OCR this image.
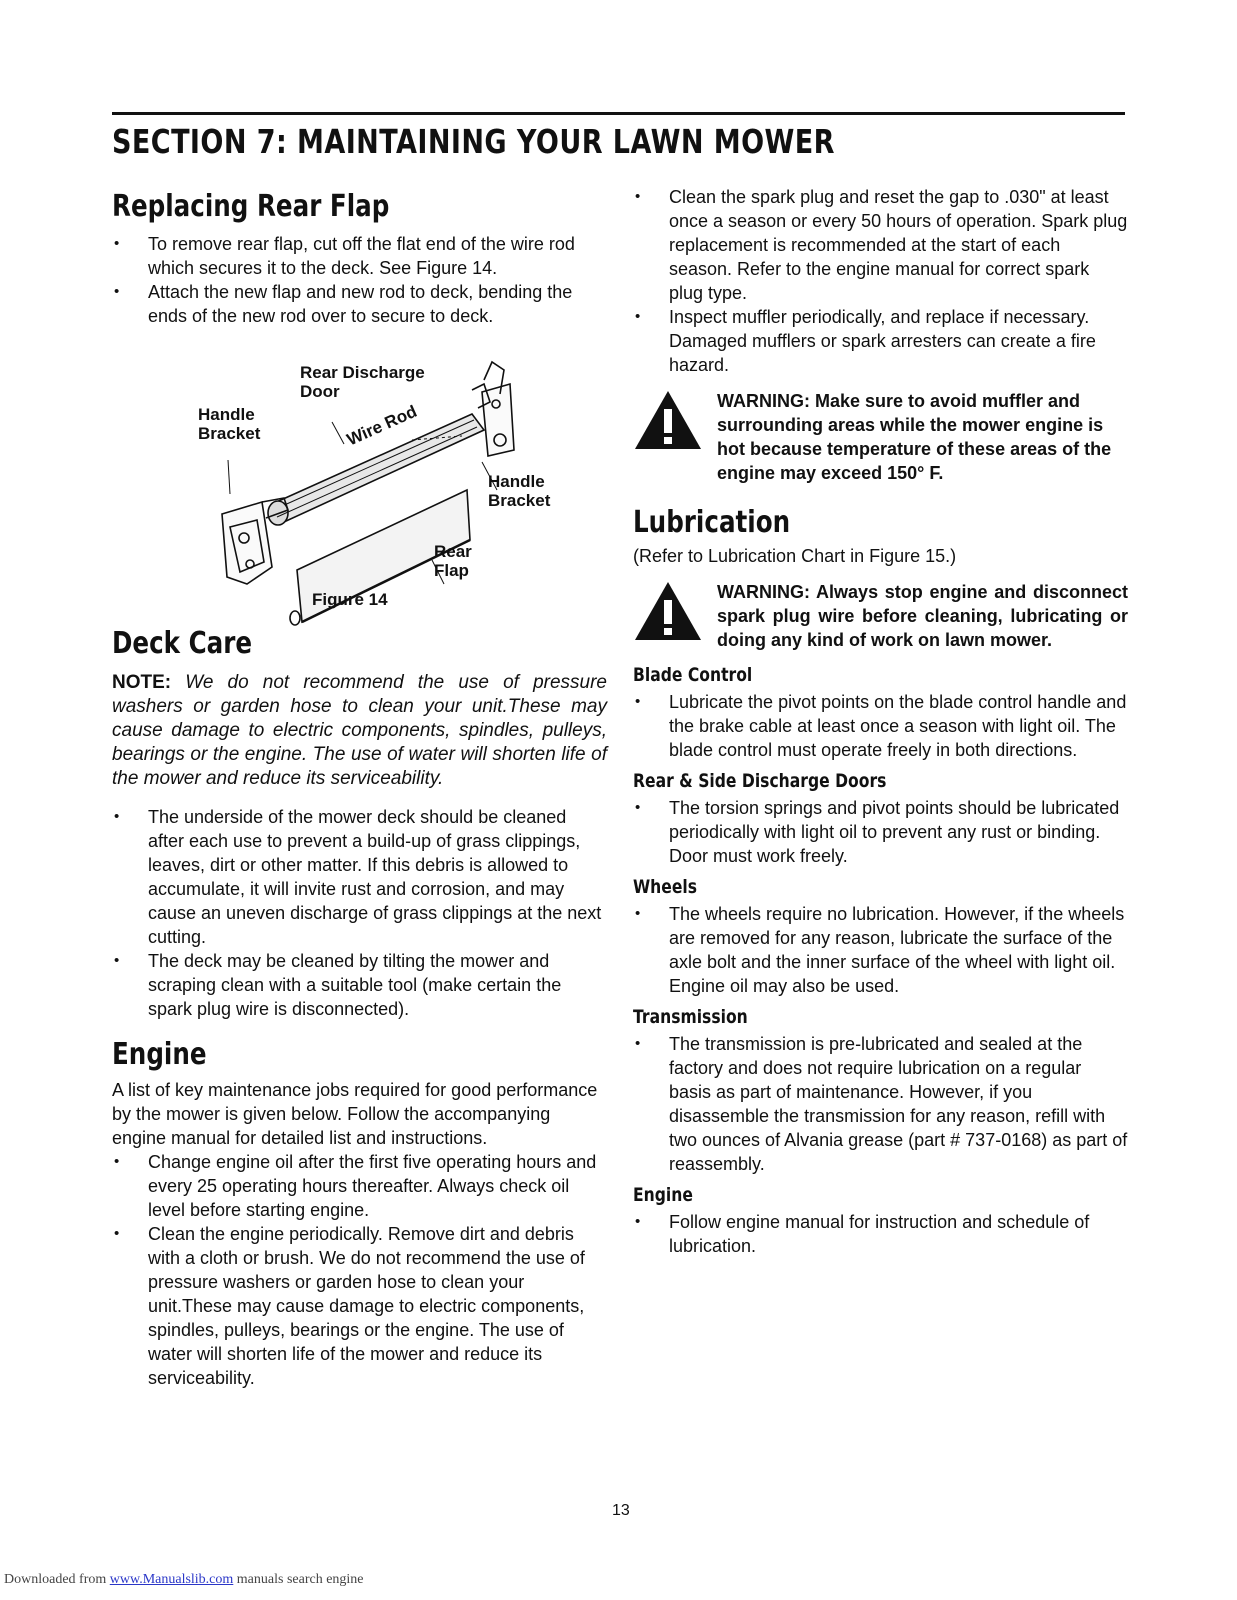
SECTION 7: MAINTAINING YOUR LAWN MOWER
Replacing Rear Flap
• To remove rear flap, cut off the flat end of the wire rod which secures it to the deck. See Figure 14.
• Attach the new flap and new rod to deck, bending the ends of the new rod over to secure to deck.
Rear Discharge Door
Handle Bracket	Wire Rod
Handle Bracket
Rear Flap
Figure 14
Deck Care

NOTE: We do not recommend the use of pressure washers or garden hose to clean your unit.These may cause damage to electric components, spindles, pulleys, bearings or the engine. The use of water will shorten life of the mower and reduce its serviceability.

• The underside of the mower deck should be cleaned after each use to prevent a build-up of grass clippings, leaves, dirt or other matter. If this debris is allowed to accumulate, it will invite rust and corrosion, and may cause an uneven discharge of grass clippings at the next cutting.
• The deck may be cleaned by tilting the mower and scraping clean with a suitable tool (make certain the spark plug wire is disconnected).
Engine

A list of key maintenance jobs required for good performance by the mower is given below. Follow the accompanying engine manual for detailed list and instructions.

• Change engine oil after the first five operating hours and every 25 operating hours thereafter. Always check oil level before starting engine.
• Clean the engine periodically. Remove dirt and debris with a cloth or brush. We do not recommend the use of pressure washers or garden hose to clean your unit.These may cause damage to electric components, spindles, pulleys, bearings or the engine. The use of water will shorten life of the mower and reduce its serviceability.
• Clean the spark plug and reset the gap to .030" at least once a season or every 50 hours of operation. Spark plug replacement is recommended at the start of each season. Refer to the engine manual for correct spark plug type.
• Inspect muffler periodically, and replace if necessary. Damaged mufflers or spark arresters can create a fire hazard.
WARNING: Make sure to avoid muffler and surrounding areas while the mower engine is hot because temperature of these areas of the engine may exceed 150° F.
Lubrication

(Refer to Lubrication Chart in Figure 15.)

WARNING: Always stop engine and disconnect spark plug wire before cleaning, lubricating or doing any kind of work on lawn mower.
Blade Control
• Lubricate the pivot points on the blade control handle and the brake cable at least once a season with light oil. The blade control must operate freely in both directions.
Rear & Side Discharge Doors
• The torsion springs and pivot points should be lubricated periodically with light oil to prevent any rust or binding. Door must work freely.
Wheels
• The wheels require no lubrication. However, if the wheels are removed for any reason, lubricate the surface of the axle bolt and the inner surface of the wheel with light oil. Engine oil may also be used.
Transmission
• The transmission is pre-lubricated and sealed at the factory and does not require lubrication on a regular basis as part of maintenance. However, if you disassemble the transmission for any reason, refill with two ounces of Alvania grease (part # 737-0168) as part of reassembly.
Engine
• Follow engine manual for instruction and schedule of lubrication.
13
Downloaded from www.Manualslib.com manuals search engine
